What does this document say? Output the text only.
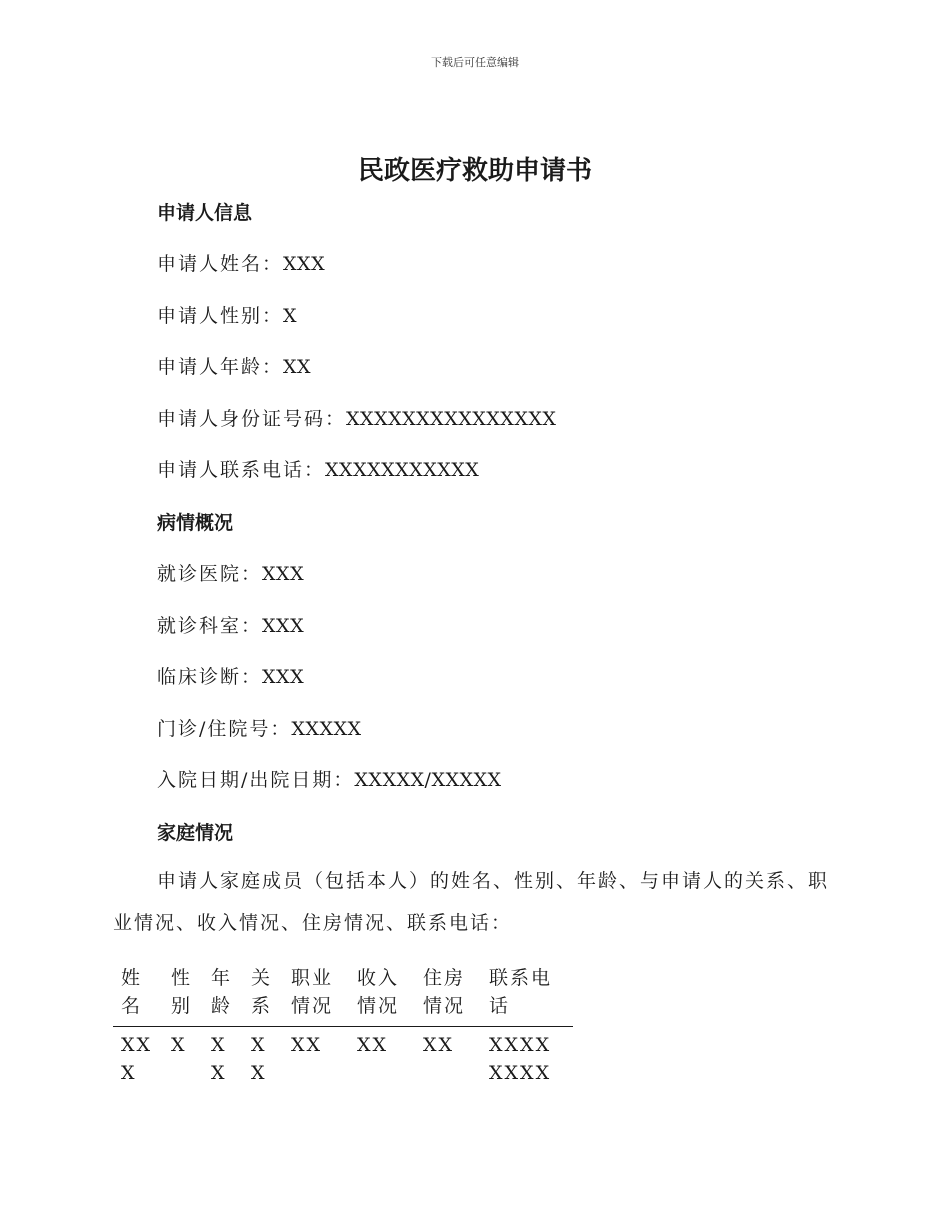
下载后可任意编辑
民政医疗救助申请书
申请人信息
申请人姓名：XXX
申请人性别：X
申请人年龄：XX
申请人身份证号码：XXXXXXXXXXXXXXX
申请人联系电话：XXXXXXXXXXX
病情概况
就诊医院：XXX
就诊科室：XXX
临床诊断：XXX
门诊/住院号：XXXXX
入院日期/出院日期：XXXXX/XXXXX
家庭情况
申请人家庭成员（包括本人）的姓名、性别、年龄、与申请人的关系、职业情况、收入情况、住房情况、联系电话：
姓名	性别	年龄	关系	职业情况	收入情况	住房情况	联系电话
XXX	X	XX	XX	XX	XX	XX	XXXXXXXX
